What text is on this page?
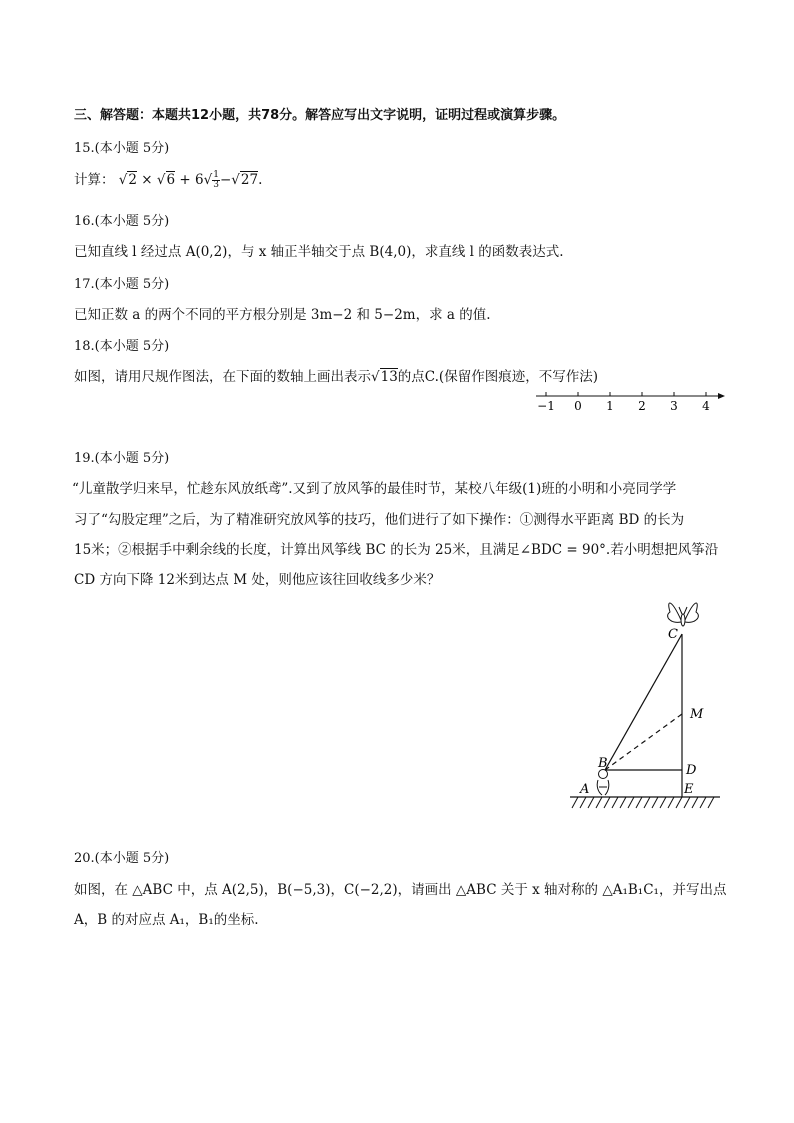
三、解答题：本题共12小题，共78分。解答应写出文字说明，证明过程或演算步骤。
15.(本小题 5分)
计算： $√2 \times √6 + 6√ \frac{1}{3} -√27$.
16.(本小题 5分)
已知直线 l 经过点 A(0,2)，与 x 轴正半轴交于点 B(4,0)，求直线 l 的函数表达式.
17.(本小题 5分)
已知正数 a 的两个不同的平方根分别是 3m−2 和 5−2m，求 a 的值.
18.(本小题 5分)
如图，请用尺规作图法，在下面的数轴上画出表示√13的点C.(保留作图痕迹，不写作法)
−1 0 1 2 3 4
19.(本小题 5分)
“儿童散学归来早，忙趁东风放纸鸢”.又到了放风筝的最佳时节，某校八年级(1)班的小明和小亮同学学
习了“勾股定理”之后，为了精准研究放风筝的技巧，他们进行了如下操作：①测得水平距离 BD 的长为
15米；②根据手中剩余线的长度，计算出风筝线 BC 的长为 25米，且满足∠BDC = 90°.若小明想把风筝沿
CD 方向下降 12米到达点 M 处，则他应该往回收线多少米？
C
M
B	D
A	E
20.(本小题 5分)
如图，在 △ABC 中，点 A(2,5)，B(−5,3)，C(−2,2)，请画出 △ABC 关于 x 轴对称的 △A₁B₁C₁，并写出点
A，B 的对应点 A₁，B₁的坐标.
